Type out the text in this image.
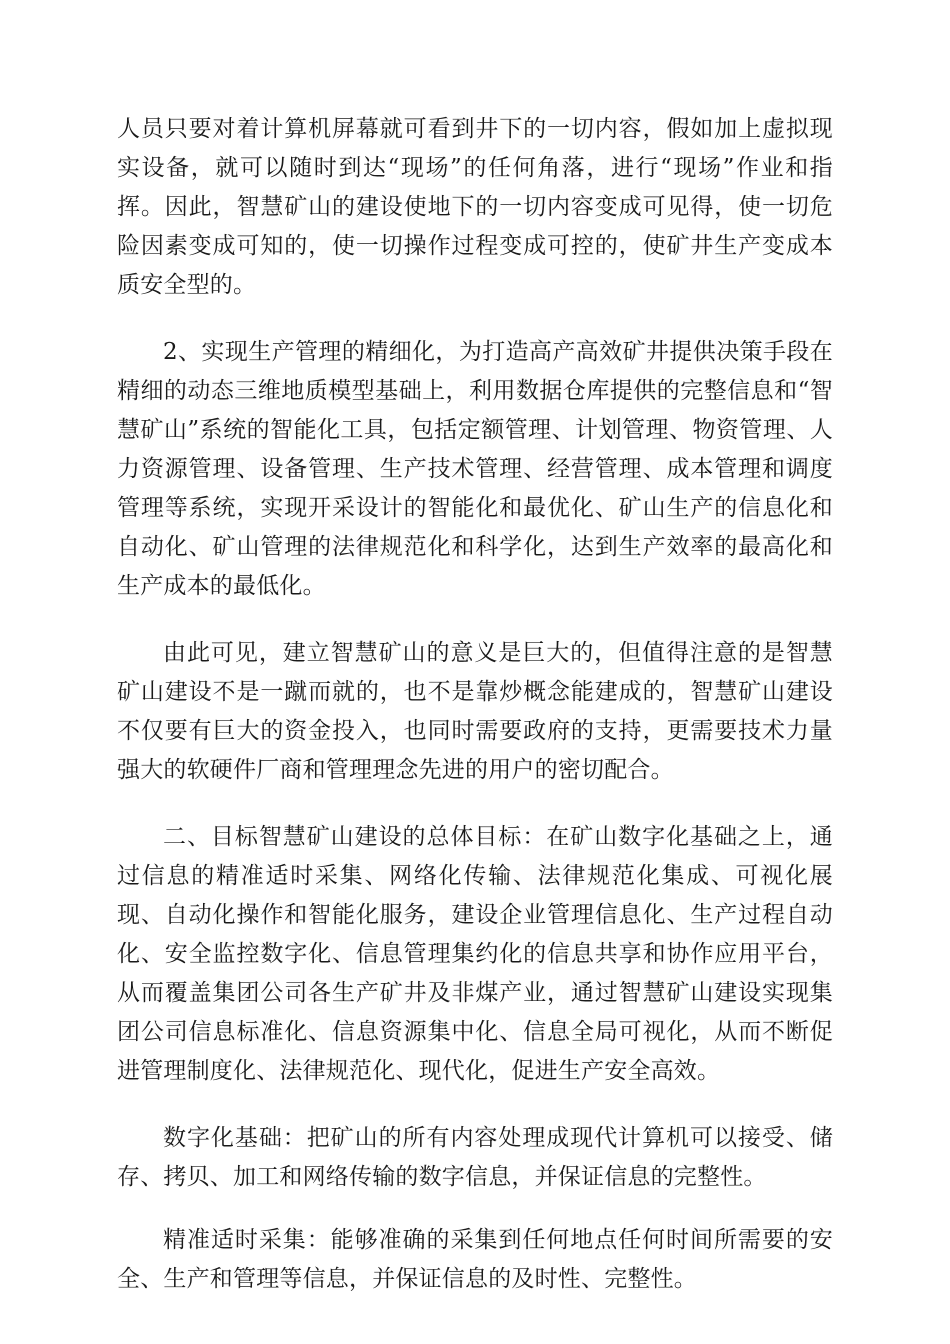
人员只要对着计算机屏幕就可看到井下的一切内容，假如加上虚拟现实设备，就可以随时到达“现场”的任何角落，进行“现场”作业和指挥。因此，智慧矿山的建设使地下的一切内容变成可见得，使一切危险因素变成可知的，使一切操作过程变成可控的，使矿井生产变成本质安全型的。

2、实现生产管理的精细化，为打造高产高效矿井提供决策手段在精细的动态三维地质模型基础上，利用数据仓库提供的完整信息和“智慧矿山”系统的智能化工具，包括定额管理、计划管理、物资管理、人力资源管理、设备管理、生产技术管理、经营管理、成本管理和调度管理等系统，实现开采设计的智能化和最优化、矿山生产的信息化和自动化、矿山管理的法律规范化和科学化，达到生产效率的最高化和生产成本的最低化。

由此可见，建立智慧矿山的意义是巨大的，但值得注意的是智慧矿山建设不是一蹴而就的，也不是靠炒概念能建成的，智慧矿山建设不仅要有巨大的资金投入，也同时需要政府的支持，更需要技术力量强大的软硬件厂商和管理理念先进的用户的密切配合。

二、目标智慧矿山建设的总体目标：在矿山数字化基础之上，通过信息的精准适时采集、网络化传输、法律规范化集成、可视化展现、自动化操作和智能化服务，建设企业管理信息化、生产过程自动化、安全监控数字化、信息管理集约化的信息共享和协作应用平台，从而覆盖集团公司各生产矿井及非煤产业，通过智慧矿山建设实现集团公司信息标准化、信息资源集中化、信息全局可视化，从而不断促进管理制度化、法律规范化、现代化，促进生产安全高效。

数字化基础：把矿山的所有内容处理成现代计算机可以接受、储存、拷贝、加工和网络传输的数字信息，并保证信息的完整性。

精准适时采集：能够准确的采集到任何地点任何时间所需要的安全、生产和管理等信息，并保证信息的及时性、完整性。
